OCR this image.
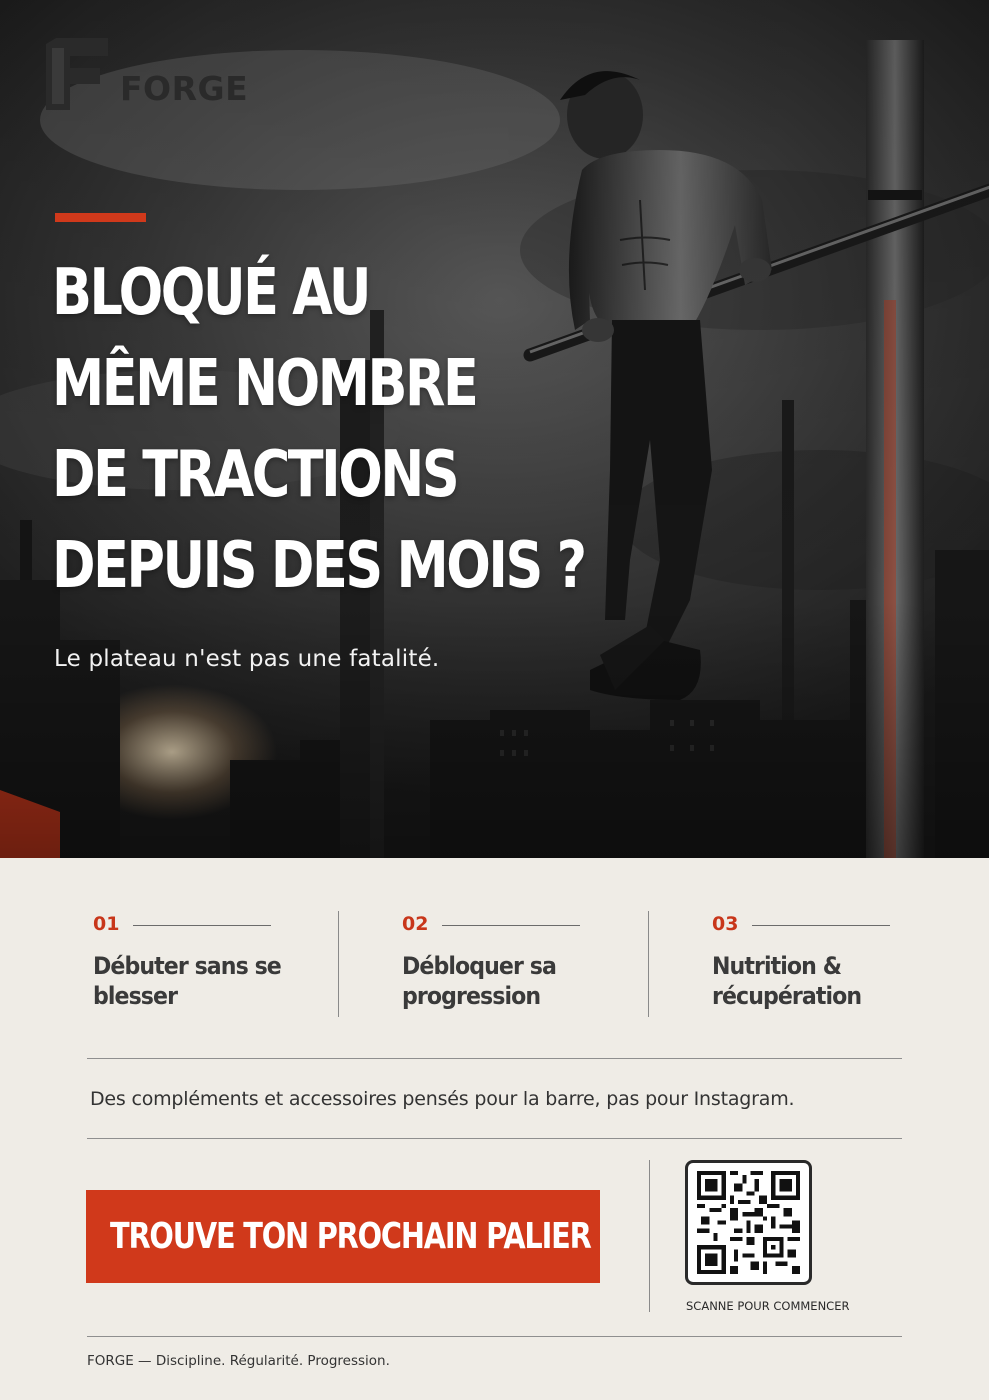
FORGE
BLOQUÉ AU
MÊME NOMBRE
DE TRACTIONS
DEPUIS DES MOIS ?

Le plateau n'est pas une fatalité.

01
Débuter sans se blesser
02
Débloquer sa progression
03
Nutrition & récupération

Des compléments et accessoires pensés pour la barre, pas pour Instagram.

TROUVE TON PROCHAIN PALIER

SCANNE POUR COMMENCER

FORGE — Discipline. Régularité. Progression.
